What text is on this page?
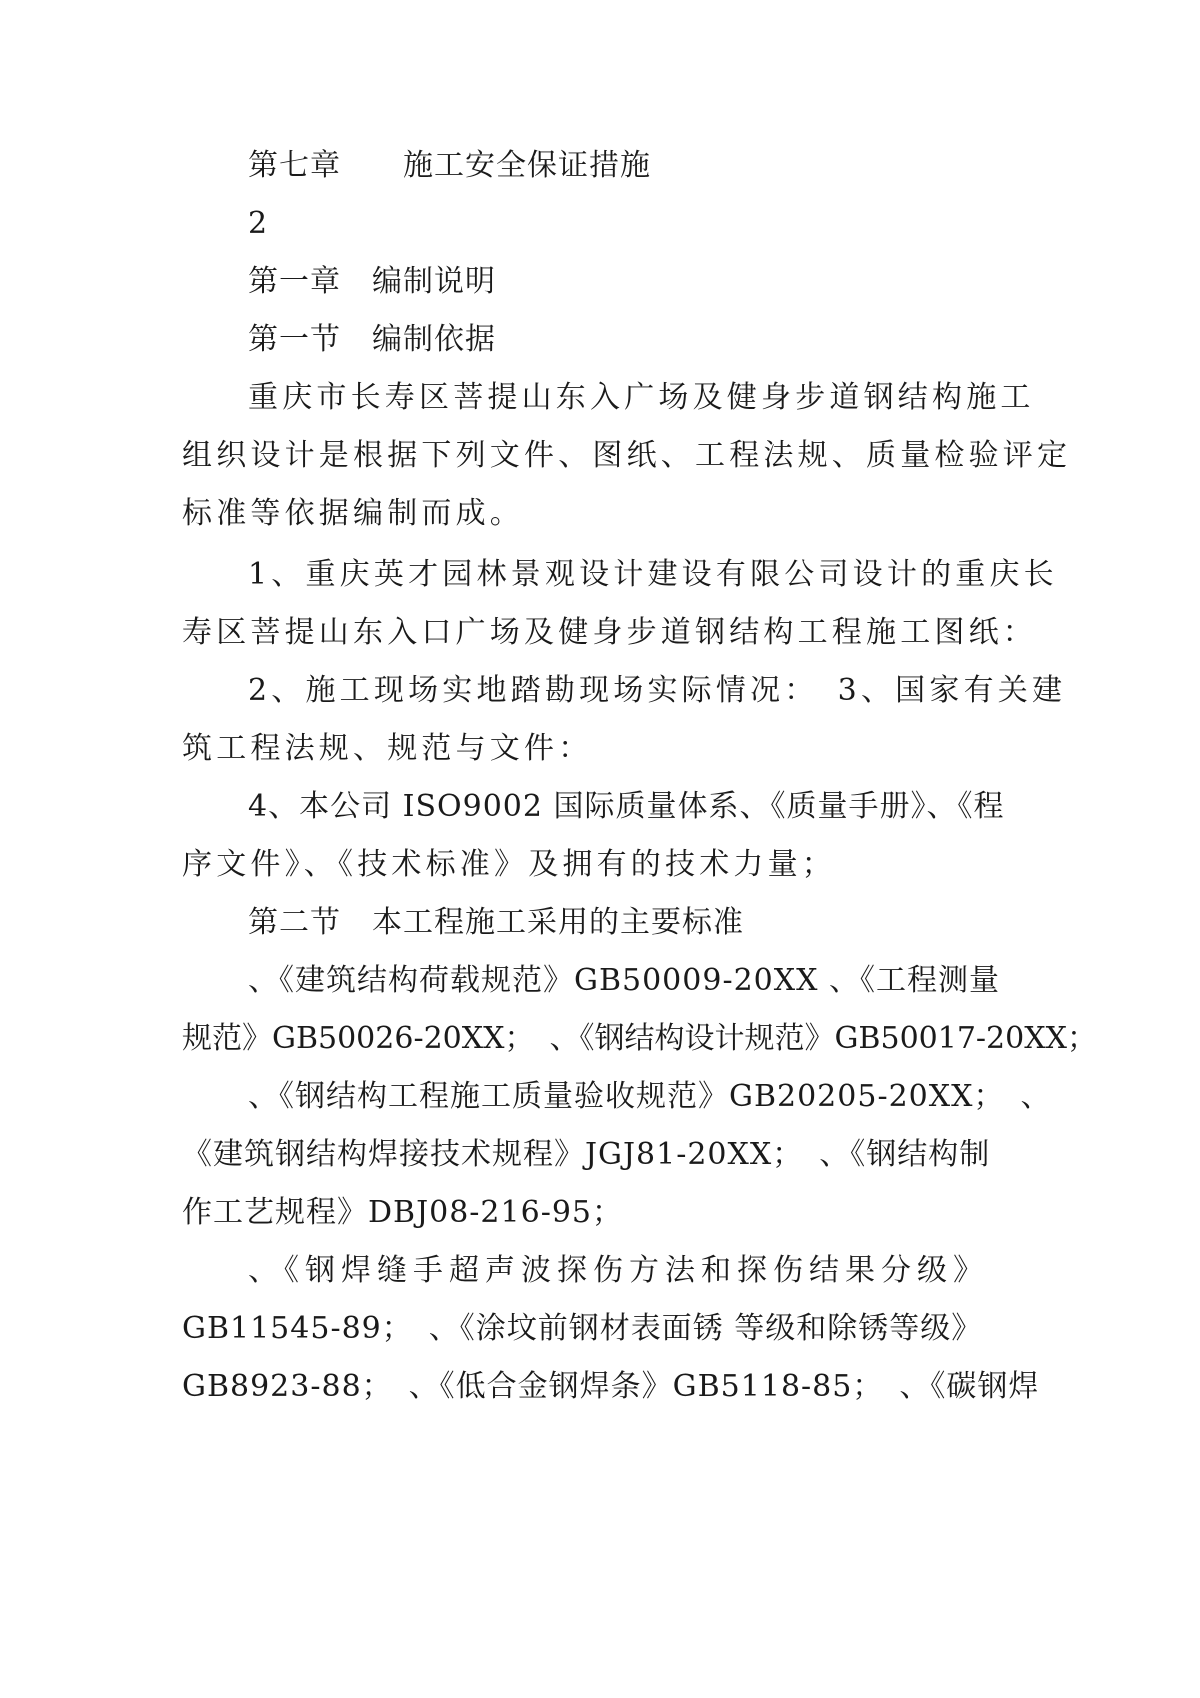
第七章　　施工安全保证措施
2
第一章　编制说明
第一节　编制依据
重庆市长寿区菩提山东入广场及健身步道钢结构施工
组织设计是根据下列文件、图纸、工程法规、质量检验评定
标准等依据编制而成。
1、重庆英才园林景观设计建设有限公司设计的重庆长
寿区菩提山东入口广场及健身步道钢结构工程施工图纸：
2、施工现场实地踏勘现场实际情况：　3、国家有关建
筑工程法规、规范与文件：
4、本公司 ISO9002 国际质量体系、《质量手册》、《程
序文件》、《技术标准》及拥有的技术力量；
第二节　本工程施工采用的主要标准
、《建筑结构荷载规范》GB50009-20XX 、《工程测量
规范》GB50026-20XX；　、《钢结构设计规范》GB50017-20XX；
、《钢结构工程施工质量验收规范》GB20205-20XX；　、
《建筑钢结构焊接技术规程》JGJ81-20XX；　、《钢结构制
作工艺规程》DBJ08-216-95；
、《钢焊缝手超声波探伤方法和探伤结果分级》
GB11545-89；　、《涂坟前钢材表面锈 等级和除锈等级》
GB8923-88；　、《低合金钢焊条》GB5118-85；　、《碳钢焊
